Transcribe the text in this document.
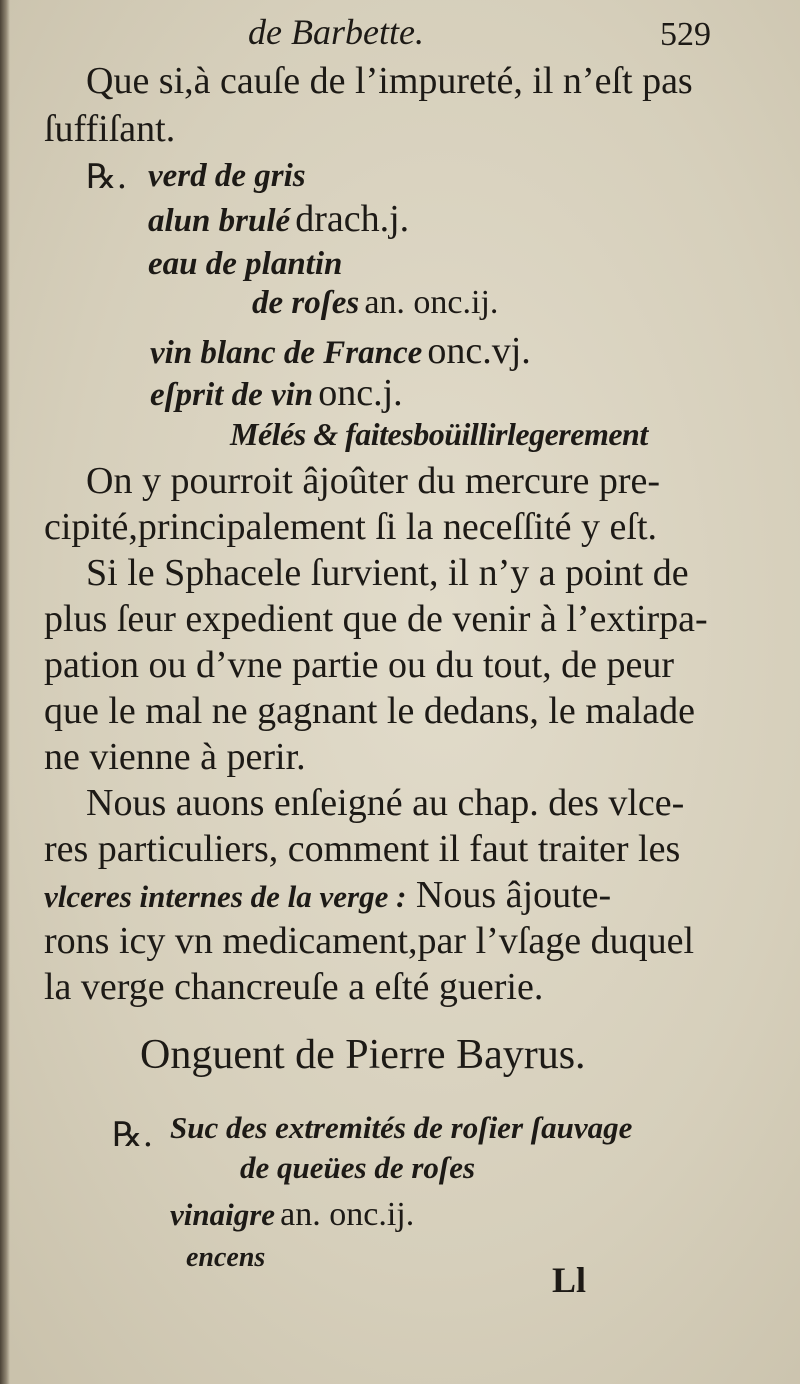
de Barbette.	529
Que si,à cauſe de l’impureté, il n’eſt pas
ſuffiſant.
℞. verd de gris
alun brulé drach.j.
eau de plantin
de roſes an. onc.ij.
vin blanc de France onc.vj.
eſprit de vin onc.j.
Mélés & faitesboüillirlegerement
On y pourroit âjoûter du mercure pre-
cipité,principalement ſi la neceſſité y eſt.
Si le Sphacele ſurvient, il n’y a point de
plus ſeur expedient que de venir à l’extirpa-
pation ou d’vne partie ou du tout, de peur
que le mal ne gagnant le dedans, le malade
ne vienne à perir.
Nous auons enſeigné au chap. des vlce-
res particuliers, comment il faut traiter les
vlceres internes de la verge : Nous âjoute-
rons icy vn medicament,par l’vſage duquel
la verge chancreuſe a eſté guerie.
Onguent de Pierre Bayrus.
℞. Suc des extremités de roſier ſauvage
de queües de roſes
vinaigre an. onc.ij.
encens
Ll
